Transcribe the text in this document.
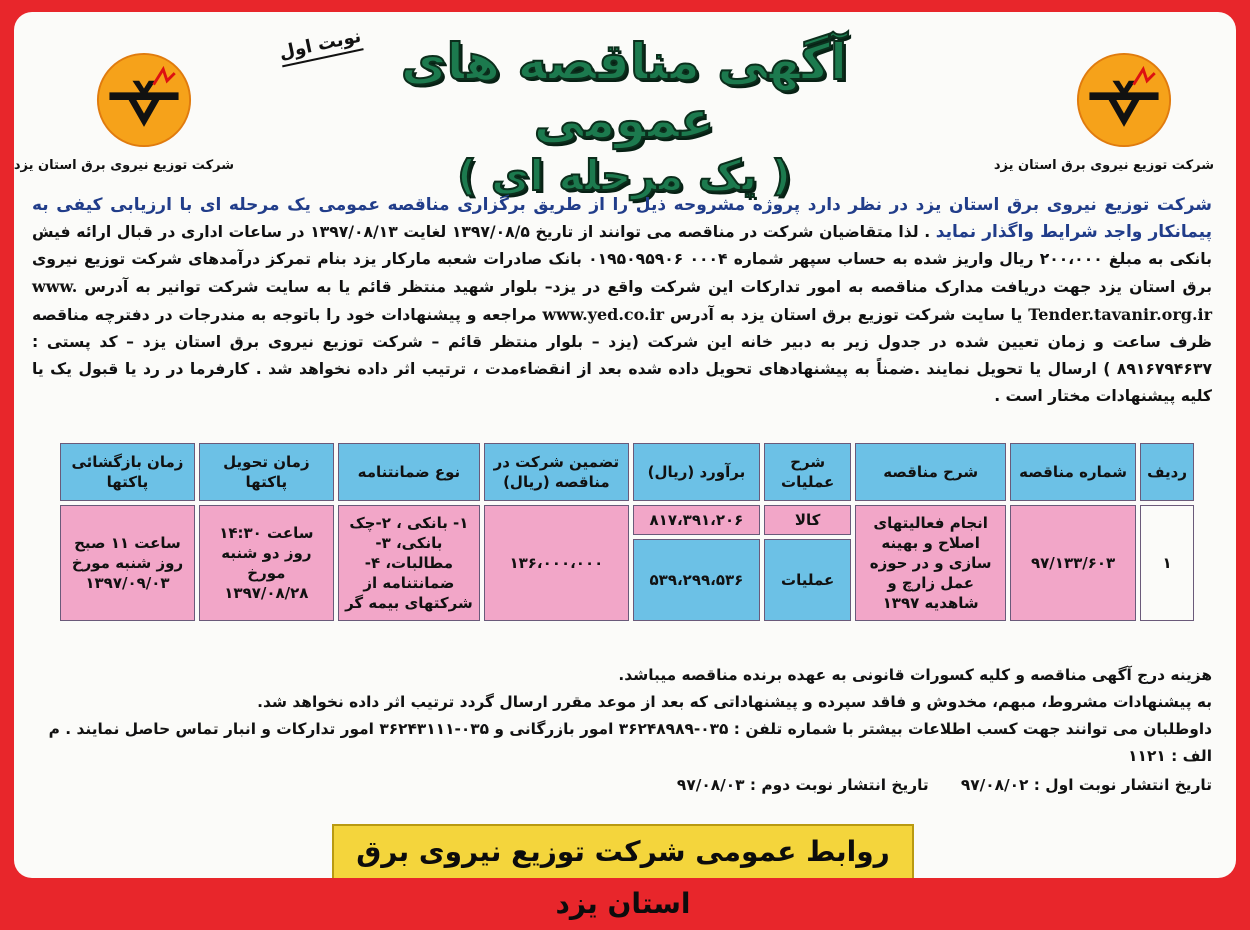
شرکت توزیع نیروی برق استان یزد
شرکت توزیع نیروی برق استان یزد
نوبت اول آگهی مناقصه های عمومی
( یک مرحله ای )
شرکت توزیع نیروی برق استان یزد در نظر دارد پروژه مشروحه ذیل را از طریق برگزاری مناقصه عمومی یک مرحله ای با ارزیابی کیفی به پیمانکار واجد شرایط واگذار نماید . لذا متقاضیان شرکت در مناقصه می توانند از تاریخ ۱۳۹۷/۰۸/۵ لغایت ۱۳۹۷/۰۸/۱۳ در ساعات اداری در قبال ارائه فیش بانکی به مبلغ ۲۰۰،۰۰۰ ریال واریز شده به حساب سپهر شماره ۰۰۰۴ ۰۱۹۵۰۹۵۹۰۶ بانک صادرات شعبه مارکار یزد بنام تمرکز درآمدهای شرکت توزیع نیروی برق استان یزد جهت دریافت مدارک مناقصه به امور تدارکات این شرکت واقع در یزد– بلوار شهید منتظر قائم یا به سایت شرکت توانیر به آدرس www. Tender.tavanir.org.ir یا سایت شرکت توزیع برق استان یزد به آدرس www.yed.co.ir مراجعه و پیشنهادات خود را باتوجه به مندرجات در دفترچه مناقصه ظرف ساعت و زمان تعیین شده در جدول زیر به دبیر خانه این شرکت (یزد – بلوار منتظر قائم – شرکت توزیع نیروی برق استان یزد – کد پستی : ۸۹۱۶۷۹۴۶۳۷ ) ارسال یا تحویل نمایند .ضمناً به پیشنهادهای تحویل داده شده بعد از انقضاءمدت ، ترتیب اثر داده نخواهد شد . کارفرما در رد یا قبول یک یا کلیه پیشنهادات مختار است .
ردیف	شماره مناقصه	شرح مناقصه	شرح عملیات	برآورد (ریال)	تضمین شرکت در مناقصه (ریال)	نوع ضمانتنامه	زمان تحویل پاکتها	زمان بازگشائی پاکتها
۱	۹۷/۱۳۳/۶۰۳	انجام فعالیتهای اصلاح و بهینه سازی و در حوزه عمل زارچ و شاهدیه ۱۳۹۷	کالا	۸۱۷،۳۹۱،۲۰۶	۱۳۶،۰۰۰،۰۰۰	۱- بانکی ، ۲-چک بانکی، ۳- مطالبات، ۴- ضمانتنامه از شرکتهای بیمه گر	ساعت ۱۴:۳۰ روز دو شنبه مورخ ۱۳۹۷/۰۸/۲۸	ساعت ۱۱ صبح روز شنبه مورخ ۱۳۹۷/۰۹/۰۳
			عملیات	۵۳۹،۲۹۹،۵۳۶				
هزینه درج آگهی مناقصه و کلیه کسورات قانونی به عهده برنده مناقصه میباشد.
به پیشنهادات مشروط، مبهم، مخدوش و فاقد سپرده و پیشنهاداتی که بعد از موعد مقرر ارسال گردد ترتیب اثر داده نخواهد شد.
داوطلبان می توانند جهت کسب اطلاعات بیشتر با شماره تلفن : ۰۳۵-۳۶۲۴۸۹۸۹ امور بازرگانی و ۰۳۵-۳۶۲۴۳۱۱۱ امور تدارکات و انبار تماس حاصل نمایند . م الف : ۱۱۲۱
تاریخ انتشار نوبت اول : ۹۷/۰۸/۰۲      تاریخ انتشار نوبت دوم : ۹۷/۰۸/۰۳
روابط عمومی شرکت توزیع نیروی برق استان یزد
